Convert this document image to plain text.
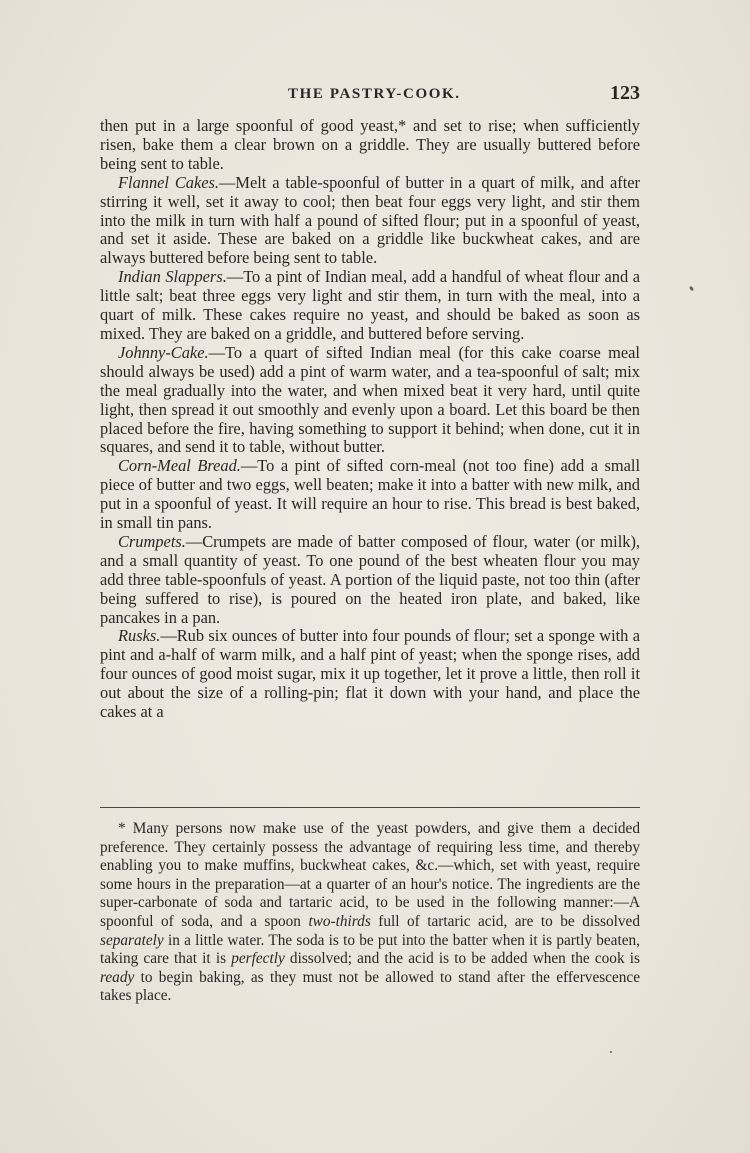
THE PASTRY-COOK.	123

then put in a large spoonful of good yeast,* and set to rise; when sufficiently risen, bake them a clear brown on a griddle. They are usually buttered before being sent to table.

Flannel Cakes.—Melt a table-spoonful of butter in a quart of milk, and after stirring it well, set it away to cool; then beat four eggs very light, and stir them into the milk in turn with half a pound of sifted flour; put in a spoonful of yeast, and set it aside. These are baked on a griddle like buckwheat cakes, and are always buttered before being sent to table.

Indian Slappers.—To a pint of Indian meal, add a handful of wheat flour and a little salt; beat three eggs very light and stir them, in turn with the meal, into a quart of milk. These cakes require no yeast, and should be baked as soon as mixed. They are baked on a griddle, and buttered before serving.

Johnny-Cake.—To a quart of sifted Indian meal (for this cake coarse meal should always be used) add a pint of warm water, and a tea-spoonful of salt; mix the meal gradually into the water, and when mixed beat it very hard, until quite light, then spread it out smoothly and evenly upon a board. Let this board be then placed before the fire, having something to support it behind; when done, cut it in squares, and send it to table, without butter.

Corn-Meal Bread.—To a pint of sifted corn-meal (not too fine) add a small piece of butter and two eggs, well beaten; make it into a batter with new milk, and put in a spoonful of yeast. It will require an hour to rise. This bread is best baked, in small tin pans.

Crumpets.—Crumpets are made of batter composed of flour, water (or milk), and a small quantity of yeast. To one pound of the best wheaten flour you may add three table-spoonfuls of yeast. A portion of the liquid paste, not too thin (after being suffered to rise), is poured on the heated iron plate, and baked, like pancakes in a pan.

Rusks.—Rub six ounces of butter into four pounds of flour; set a sponge with a pint and a-half of warm milk, and a half pint of yeast; when the sponge rises, add four ounces of good moist sugar, mix it up together, let it prove a little, then roll it out about the size of a rolling-pin; flat it down with your hand, and place the cakes at a

* Many persons now make use of the yeast powders, and give them a decided preference. They certainly possess the advantage of requiring less time, and thereby enabling you to make muffins, buckwheat cakes, &c.—which, set with yeast, require some hours in the preparation—at a quarter of an hour's notice. The ingredients are the super-carbonate of soda and tartaric acid, to be used in the following manner:—A spoonful of soda, and a spoon two-thirds full of tartaric acid, are to be dissolved separately in a little water. The soda is to be put into the batter when it is partly beaten, taking care that it is perfectly dissolved; and the acid is to be added when the cook is ready to begin baking, as they must not be allowed to stand after the effervescence takes place.
